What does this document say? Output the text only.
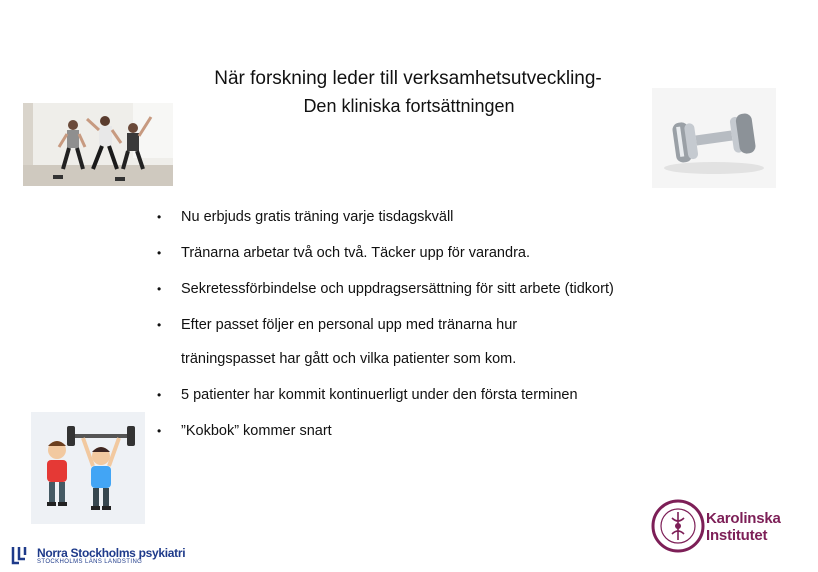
När forskning leder till verksamhetsutveckling-
Den kliniska fortsättningen
• Nu erbjuds gratis träning varje tisdagskväll
• Tränarna arbetar två och två. Täcker upp för varandra.
• Sekretessförbindelse och uppdragsersättning för sitt arbete (tidkort)
• Efter passet följer en personal upp med tränarna hur träningspasset har gått och vilka patienter som kom.
• 5 patienter har kommit kontinuerligt under den första terminen
• ”Kokbok” kommer snart
Karolinska
Institutet
Norra Stockholms psykiatri
STOCKHOLMS LÄNS LANDSTING
